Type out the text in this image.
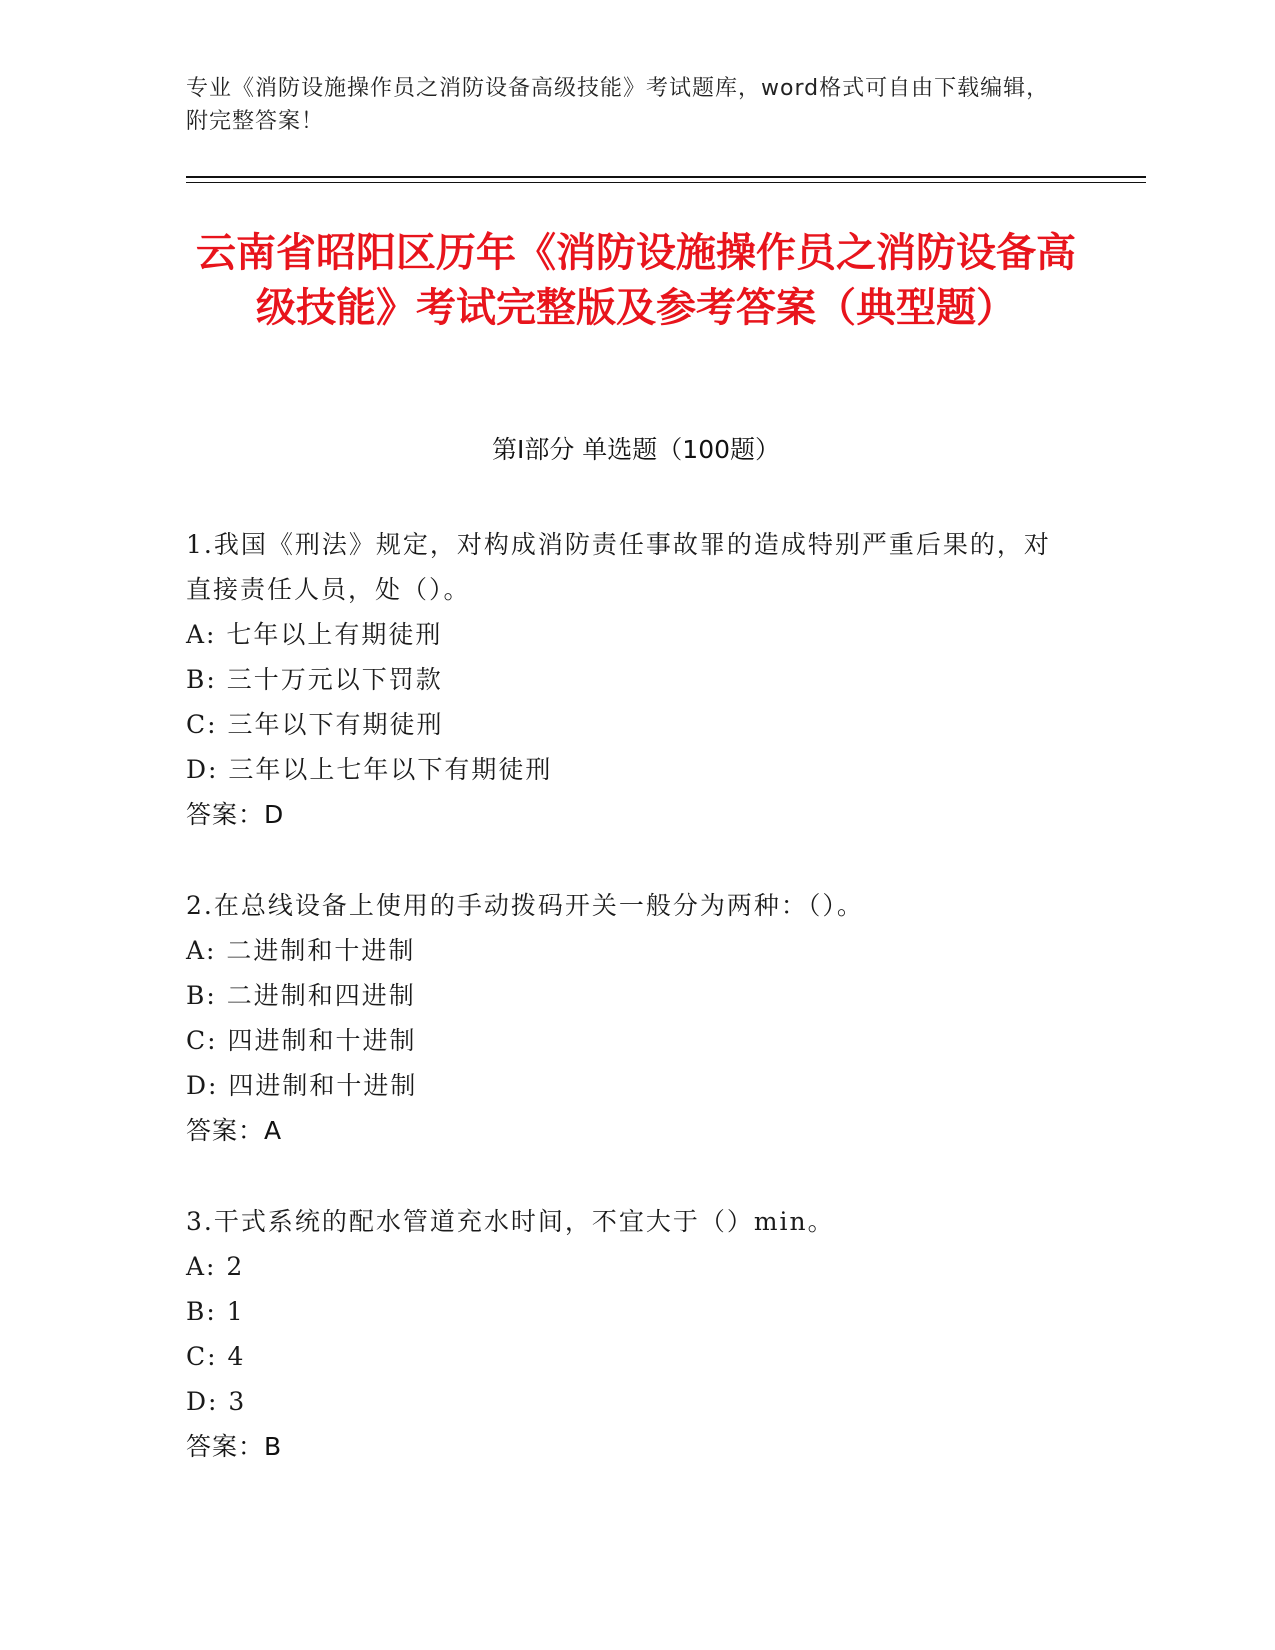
专业《消防设施操作员之消防设备高级技能》考试题库，word格式可自由下载编辑，附完整答案！
云南省昭阳区历年《消防设施操作员之消防设备高级技能》考试完整版及参考答案（典型题）
第Ⅰ部分 单选题（100题）
1.我国《刑法》规定，对构成消防责任事故罪的造成特别严重后果的，对直接责任人员，处（）。
A: 七年以上有期徒刑
B: 三十万元以下罚款
C: 三年以下有期徒刑
D: 三年以上七年以下有期徒刑
答案：D
2.在总线设备上使用的手动拨码开关一般分为两种：（）。
A: 二进制和十进制
B: 二进制和四进制
C: 四进制和十进制
D: 四进制和十进制
答案：A
3.干式系统的配水管道充水时间，不宜大于（）min。
A: 2
B: 1
C: 4
D: 3
答案：B
